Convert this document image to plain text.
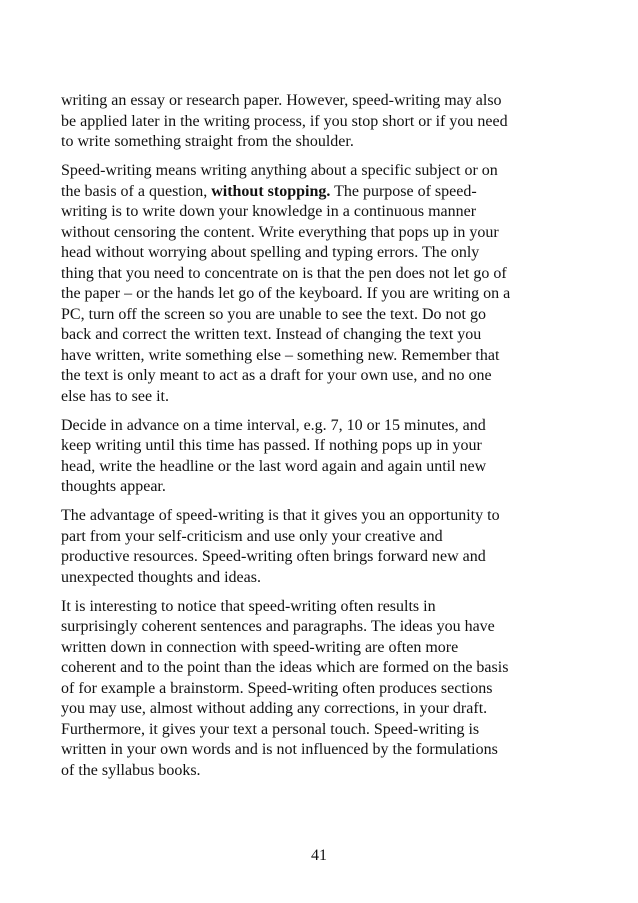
writing an essay or research paper. However, speed-writing may also
be applied later in the writing process, if you stop short or if you need
to write something straight from the shoulder.

Speed-writing means writing anything about a specific subject or on
the basis of a question, without stopping. The purpose of speed-
writing is to write down your knowledge in a continuous manner
without censoring the content. Write everything that pops up in your
head without worrying about spelling and typing errors. The only
thing that you need to concentrate on is that the pen does not let go of
the paper – or the hands let go of the keyboard. If you are writing on a
PC, turn off the screen so you are unable to see the text. Do not go
back and correct the written text. Instead of changing the text you
have written, write something else – something new. Remember that
the text is only meant to act as a draft for your own use, and no one
else has to see it.

Decide in advance on a time interval, e.g. 7, 10 or 15 minutes, and
keep writing until this time has passed. If nothing pops up in your
head, write the headline or the last word again and again until new
thoughts appear.

The advantage of speed-writing is that it gives you an opportunity to
part from your self-criticism and use only your creative and
productive resources. Speed-writing often brings forward new and
unexpected thoughts and ideas.

It is interesting to notice that speed-writing often results in
surprisingly coherent sentences and paragraphs. The ideas you have
written down in connection with speed-writing are often more
coherent and to the point than the ideas which are formed on the basis
of for example a brainstorm. Speed-writing often produces sections
you may use, almost without adding any corrections, in your draft.
Furthermore, it gives your text a personal touch. Speed-writing is
written in your own words and is not influenced by the formulations
of the syllabus books.

41
